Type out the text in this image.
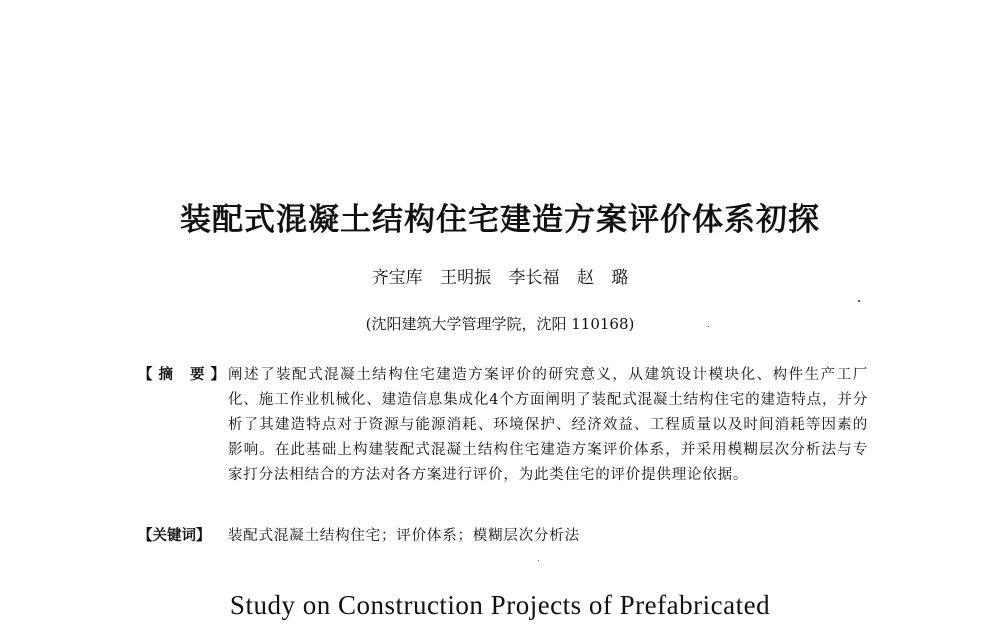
装配式混凝土结构住宅建造方案评价体系初探
齐宝库 王明振 李长福 赵 璐
(沈阳建筑大学管理学院，沈阳 110168)
【摘 要】
阐述了装配式混凝土结构住宅建造方案评价的研究意义，从建筑设计模块化、构件生产工厂化、施工作业机械化、建造信息集成化4个方面阐明了装配式混凝土结构住宅的建造特点，并分析了其建造特点对于资源与能源消耗、环境保护、经济效益、工程质量以及时间消耗等因素的影响。在此基础上构建装配式混凝土结构住宅建造方案评价体系，并采用模糊层次分析法与专家打分法相结合的方法对各方案进行评价，为此类住宅的评价提供理论依据。
【关键词】	装配式混凝土结构住宅；评价体系；模糊层次分析法
Study on Construction Projects of Prefabricated
